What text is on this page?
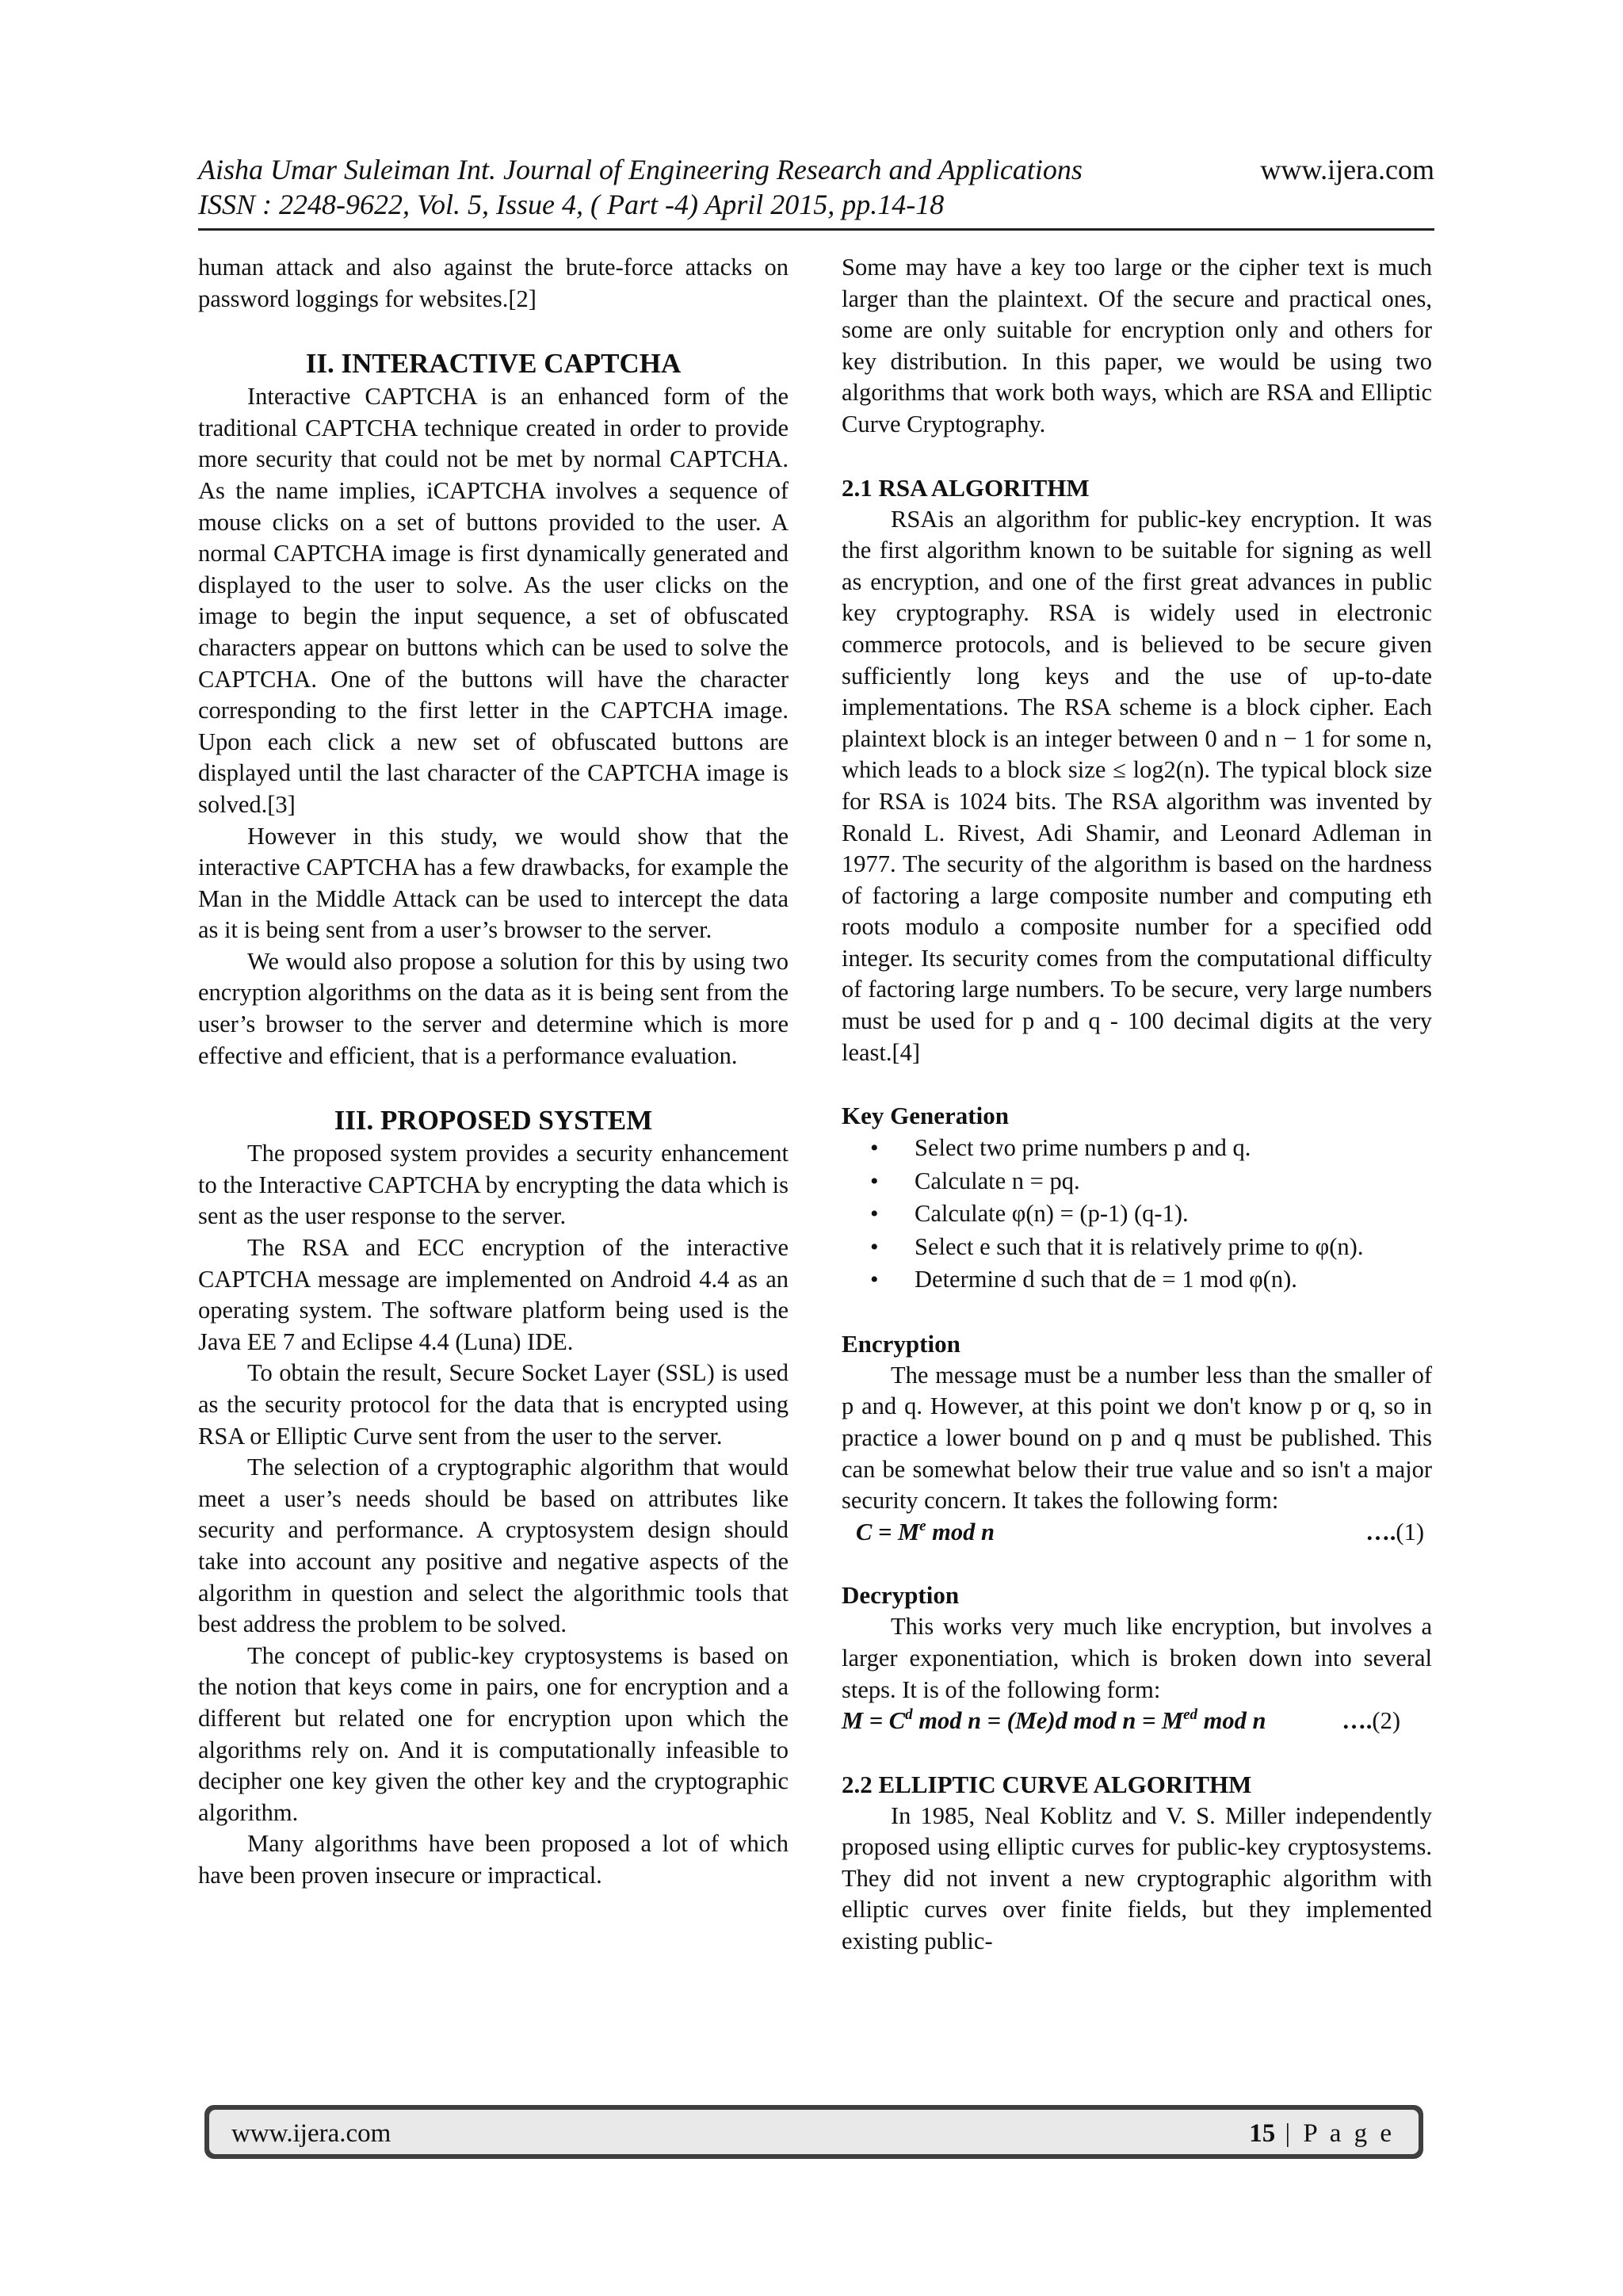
Aisha Umar Suleiman Int. Journal of Engineering Research and Applications	www.ijera.com
ISSN : 2248-9622, Vol. 5, Issue 4, ( Part -4) April 2015, pp.14-18

human attack and also against the brute-force attacks on password loggings for websites.[2]

II. INTERACTIVE CAPTCHA

Interactive CAPTCHA is an enhanced form of the traditional CAPTCHA technique created in order to provide more security that could not be met by normal CAPTCHA. As the name implies, iCAPTCHA involves a sequence of mouse clicks on a set of buttons provided to the user. A normal CAPTCHA image is first dynamically generated and displayed to the user to solve. As the user clicks on the image to begin the input sequence, a set of obfuscated characters appear on buttons which can be used to solve the CAPTCHA. One of the buttons will have the character corresponding to the first letter in the CAPTCHA image. Upon each click a new set of obfuscated buttons are displayed until the last character of the CAPTCHA image is solved.[3]

However in this study, we would show that the interactive CAPTCHA has a few drawbacks, for example the Man in the Middle Attack can be used to intercept the data as it is being sent from a user’s browser to the server.

We would also propose a solution for this by using two encryption algorithms on the data as it is being sent from the user’s browser to the server and determine which is more effective and efficient, that is a performance evaluation.

III. PROPOSED SYSTEM

The proposed system provides a security enhancement to the Interactive CAPTCHA by encrypting the data which is sent as the user response to the server.

The RSA and ECC encryption of the interactive CAPTCHA message are implemented on Android 4.4 as an operating system. The software platform being used is the Java EE 7 and Eclipse 4.4 (Luna) IDE.

To obtain the result, Secure Socket Layer (SSL) is used as the security protocol for the data that is encrypted using RSA or Elliptic Curve sent from the user to the server.

The selection of a cryptographic algorithm that would meet a user’s needs should be based on attributes like security and performance. A cryptosystem design should take into account any positive and negative aspects of the algorithm in question and select the algorithmic tools that best address the problem to be solved.

The concept of public-key cryptosystems is based on the notion that keys come in pairs, one for encryption and a different but related one for encryption upon which the algorithms rely on. And it is computationally infeasible to decipher one key given the other key and the cryptographic algorithm.

Many algorithms have been proposed a lot of which have been proven insecure or impractical.

Some may have a key too large or the cipher text is much larger than the plaintext. Of the secure and practical ones, some are only suitable for encryption only and others for key distribution. In this paper, we would be using two algorithms that work both ways, which are RSA and Elliptic Curve Cryptography.

2.1 RSA ALGORITHM

RSAis an algorithm for public-key encryption. It was the first algorithm known to be suitable for signing as well as encryption, and one of the first great advances in public key cryptography. RSA is widely used in electronic commerce protocols, and is believed to be secure given sufficiently long keys and the use of up-to-date implementations. The RSA scheme is a block cipher. Each plaintext block is an integer between 0 and n − 1 for some n, which leads to a block size ≤ log2(n). The typical block size for RSA is 1024 bits. The RSA algorithm was invented by Ronald L. Rivest, Adi Shamir, and Leonard Adleman in 1977. The security of the algorithm is based on the hardness of factoring a large composite number and computing eth roots modulo a composite number for a specified odd integer. Its security comes from the computational difficulty of factoring large numbers. To be secure, very large numbers must be used for p and q - 100 decimal digits at the very least.[4]

Key Generation
• Select two prime numbers p and q.
• Calculate n = pq.
• Calculate φ(n) = (p-1) (q-1).
• Select e such that it is relatively prime to φ(n).
• Determine d such that de = 1 mod φ(n).
Encryption

The message must be a number less than the smaller of p and q. However, at this point we don't know p or q, so in practice a lower bound on p and q must be published. This can be somewhat below their true value and so isn't a major security concern. It takes the following form:

$C = M^e$ mod n	….(1)
Decryption

This works very much like encryption, but involves a larger exponentiation, which is broken down into several steps. It is of the following form:

$M = C^d$ mod n = (Me)d mod $n = M^{ed}$ mod n	….(2)
2.2 ELLIPTIC CURVE ALGORITHM

In 1985, Neal Koblitz and V. S. Miller independently proposed using elliptic curves for public-key cryptosystems. They did not invent a new cryptographic algorithm with elliptic curves over finite fields, but they implemented existing public-

www.ijera.com	15 | P a g e
